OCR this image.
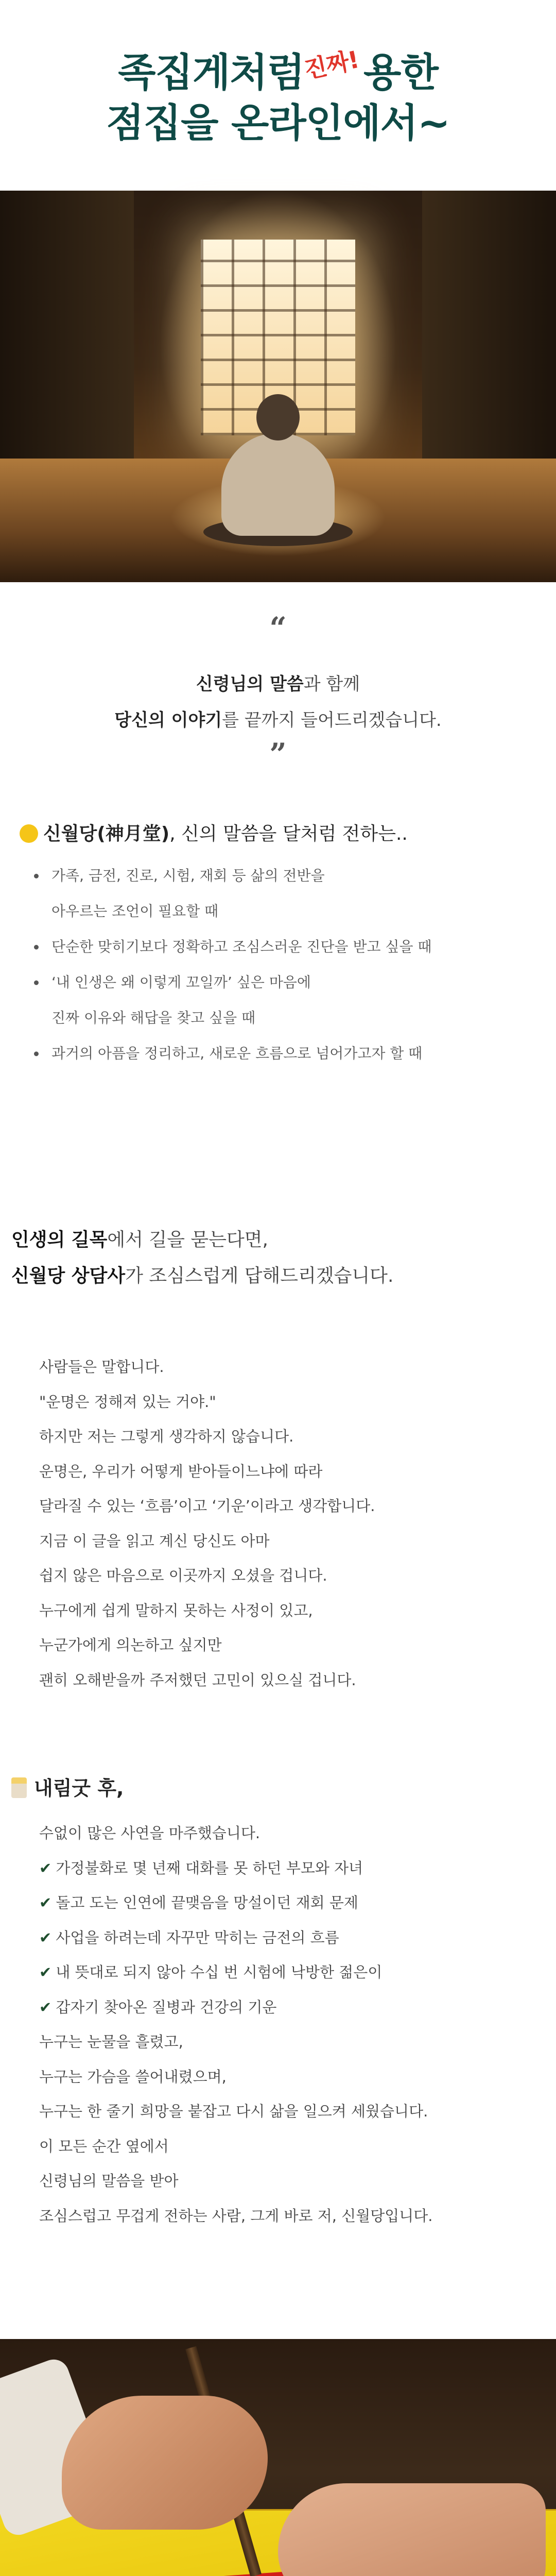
족집게처럼진짜!용한
점집을 온라인에서~
“
신령님의 말씀과 함께
당신의 이야기를 끝까지 들어드리겠습니다.
”
신월당(神月堂), 신의 말씀을 달처럼 전하는..
• 가족, 금전, 진로, 시험, 재회 등 삶의 전반을
아우르는 조언이 필요할 때
• 단순한 맞히기보다 정확하고 조심스러운 진단을 받고 싶을 때
• ‘내 인생은 왜 이렇게 꼬일까’ 싶은 마음에
진짜 이유와 해답을 찾고 싶을 때
• 과거의 아픔을 정리하고, 새로운 흐름으로 넘어가고자 할 때
인생의 길목에서 길을 묻는다면,
신월당 상담사가 조심스럽게 답해드리겠습니다.
사람들은 말합니다.
"운명은 정해져 있는 거야."
하지만 저는 그렇게 생각하지 않습니다.
운명은, 우리가 어떻게 받아들이느냐에 따라
달라질 수 있는 ‘흐름’이고 ‘기운’이라고 생각합니다.
지금 이 글을 읽고 계신 당신도 아마
쉽지 않은 마음으로 이곳까지 오셨을 겁니다.
누구에게 쉽게 말하지 못하는 사정이 있고,
누군가에게 의논하고 싶지만
괜히 오해받을까 주저했던 고민이 있으실 겁니다.
내림굿 후,
수없이 많은 사연을 마주했습니다.
✔ 가정불화로 몇 년째 대화를 못 하던 부모와 자녀
✔ 돌고 도는 인연에 끝맺음을 망설이던 재회 문제
✔ 사업을 하려는데 자꾸만 막히는 금전의 흐름
✔ 내 뜻대로 되지 않아 수십 번 시험에 낙방한 젊은이
✔ 갑자기 찾아온 질병과 건강의 기운
누구는 눈물을 흘렸고,
누구는 가슴을 쓸어내렸으며,
누구는 한 줄기 희망을 붙잡고 다시 삶을 일으켜 세웠습니다.
이 모든 순간 옆에서
신령님의 말씀을 받아
조심스럽고 무겁게 전하는 사람, 그게 바로 저, 신월당입니다.
